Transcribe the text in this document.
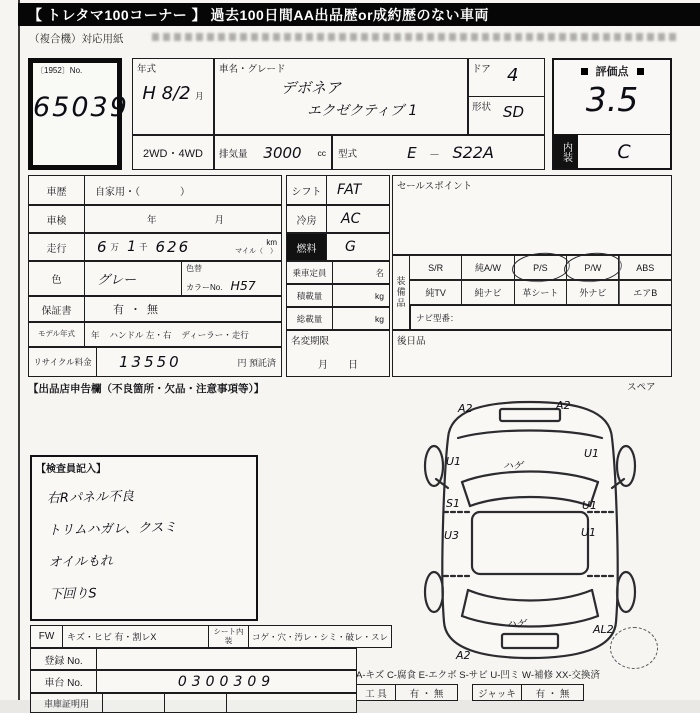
【 トレタマ100コーナー 】 過去100日間AA出品歴or成約歴のない車両
（複合機）対応用紙
〔1952〕No.
65039
年式
H 8/2 月
車名・グレード
デボネア
エクゼクティブ 1
ドア 4
形状 SD
評価点
3.5
内装	C
2WD・4WD	排気量	3000	cc	型式	E － S22A
車歴	自家用・（　　　　）
車検	年	月
走行	6 万 1 千 626	km
マイル（　）
色	グレー
色替
カラーNo. H57
保証書	有・無
モデル年式	年 ハンドル 左・右 ディーラー・走行
リサイクル料金	13550	円 預託済
【出品店申告欄（不良箇所・欠品・注意事項等）】
シフト	FAT
冷房	AC
燃料	G
乗車定員	名
積載量	kg
総載量	kg
名変期限
月　　日
セールスポイント
装備品
S/R	純A/W	P/S	P/W	ABS
純TV	純ナビ	革シート	外ナビ	エアB
ナビ型番：
後日品
スペア
A2	A2
U1	ハゲ
U1
S1	U1
U3	U1
ハゲ	AL2
A2
【検査員記入】
右Rパネル不良
トリムハガレ、クスミ
オイルもれ
下回りS
FW	キズ・ヒビ 有・割レX
シート内装	コゲ・穴・汚レ・シミ・破レ・スレ
登録 No.
車台 No.	0300309
車庫証明用
A-キズ C-腐食 E-エクボ S-サビ U-凹ミ W-補修 XX-交換済
工 具	有 ・ 無	ジャッキ	有 ・ 無
